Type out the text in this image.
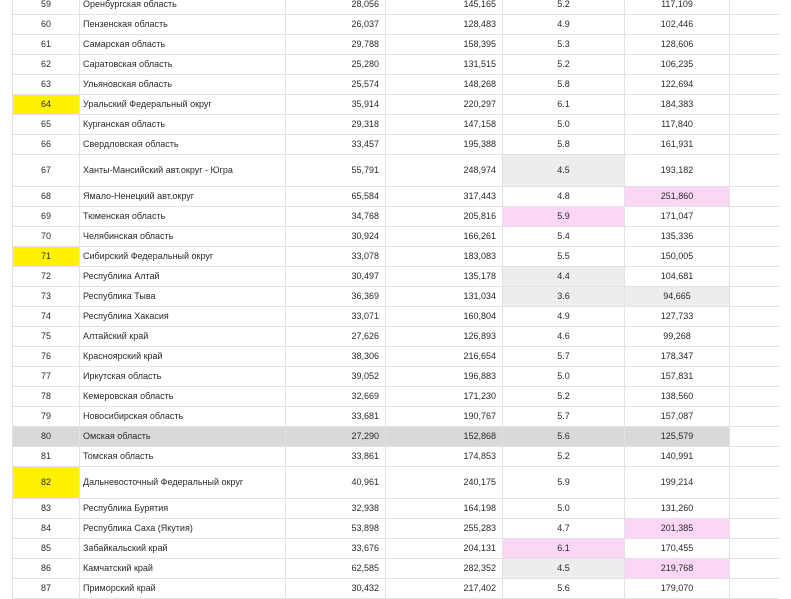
59	Оренбургская область	28,056	145,165	5.2	117,109	
60	Пензенская область	26,037	128,483	4.9	102,446	
61	Самарская область	29,788	158,395	5.3	128,606	
62	Саратовская область	25,280	131,515	5.2	106,235	
63	Ульяновская область	25,574	148,268	5.8	122,694	
64	Уральский Федеральный округ	35,914	220,297	6.1	184,383	
65	Курганская область	29,318	147,158	5.0	117,840	
66	Свердловская область	33,457	195,388	5.8	161,931	
67	Ханты-Мансийский авт.округ - Югра	55,791	248,974	4.5	193,182	
68	Ямало-Ненецкий авт.округ	65,584	317,443	4.8	251,860	
69	Тюменская область	34,768	205,816	5.9	171,047	
70	Челябинская область	30,924	166,261	5.4	135,336	
71	Сибирский Федеральный округ	33,078	183,083	5.5	150,005	
72	Республика Алтай	30,497	135,178	4.4	104,681	
73	Республика Тыва	36,369	131,034	3.6	94,665	
74	Республика Хакасия	33,071	160,804	4.9	127,733	
75	Алтайский край	27,626	126,893	4.6	99,268	
76	Красноярский край	38,306	216,654	5.7	178,347	
77	Иркутская область	39,052	196,883	5.0	157,831	
78	Кемеровская область	32,669	171,230	5.2	138,560	
79	Новосибирская область	33,681	190,767	5.7	157,087	
80	Омская область	27,290	152,868	5.6	125,579	
81	Томская область	33,861	174,853	5.2	140,991	
82	Дальневосточный Федеральный округ	40,961	240,175	5.9	199,214	
83	Республика Бурятия	32,938	164,198	5.0	131,260	
84	Республика Саха (Якутия)	53,898	255,283	4.7	201,385	
85	Забайкальский край	33,676	204,131	6.1	170,455	
86	Камчатский край	62,585	282,352	4.5	219,768	
87	Приморский край	30,432	217,402	5.6	179,070	
